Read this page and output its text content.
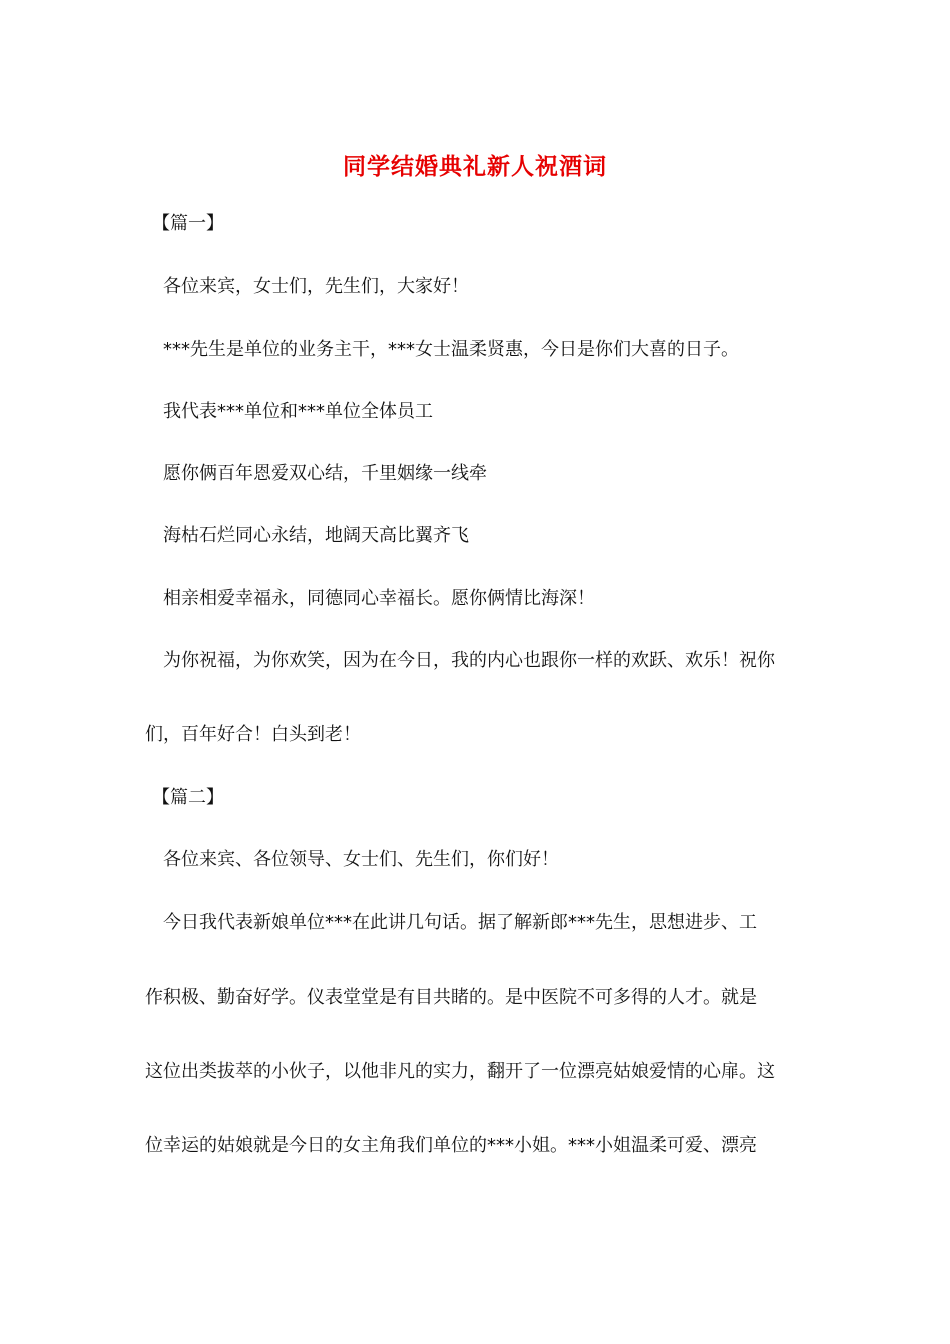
同学结婚典礼新人祝酒词
【篇一】
各位来宾，女士们，先生们，大家好！
***先生是单位的业务主干，***女士温柔贤惠，今日是你们大喜的日子。
我代表***单位和***单位全体员工
愿你俩百年恩爱双心结，千里姻缘一线牵
海枯石烂同心永结，地阔天高比翼齐飞
相亲相爱幸福永，同德同心幸福长。愿你俩情比海深！
为你祝福，为你欢笑，因为在今日，我的内心也跟你一样的欢跃、欢乐！祝你
们，百年好合！白头到老！
【篇二】
各位来宾、各位领导、女士们、先生们，你们好！
今日我代表新娘单位***在此讲几句话。据了解新郎***先生，思想进步、工
作积极、勤奋好学。仪表堂堂是有目共睹的。是中医院不可多得的人才。就是
这位出类拔萃的小伙子，以他非凡的实力，翻开了一位漂亮姑娘爱情的心扉。这
位幸运的姑娘就是今日的女主角我们单位的***小姐。***小姐温柔可爱、漂亮
